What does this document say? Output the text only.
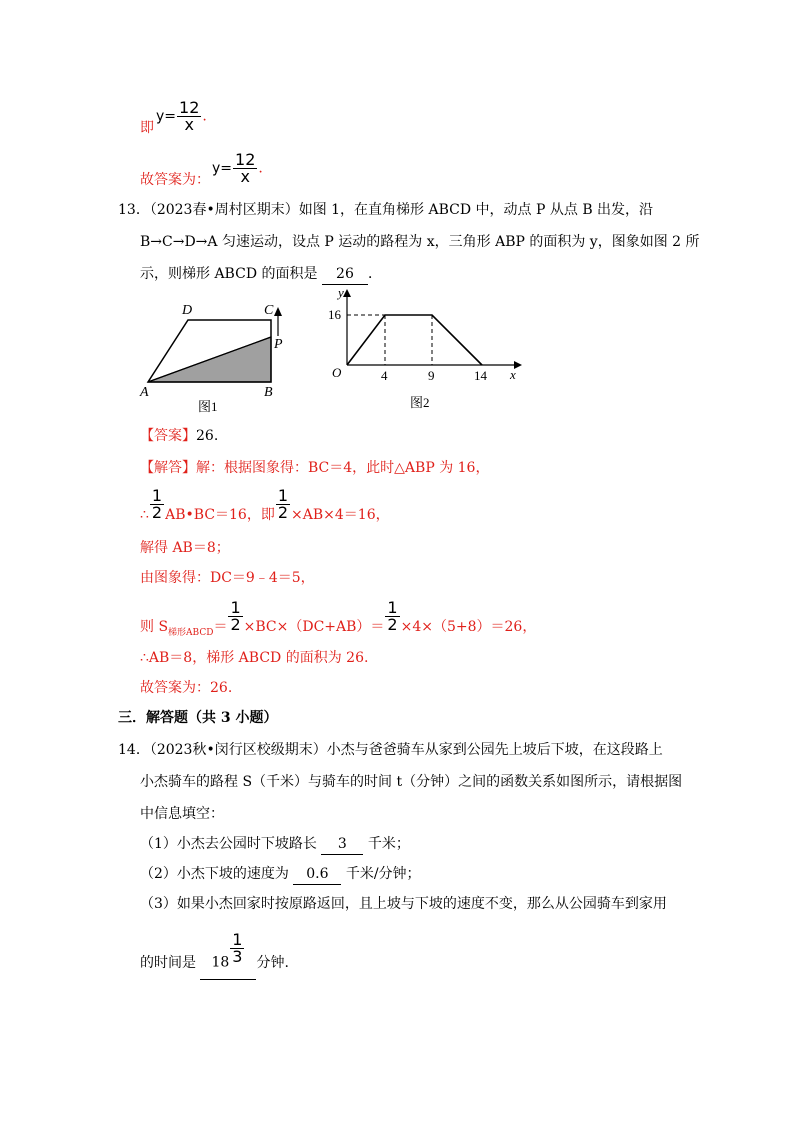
即
$y= \frac{12}{x}$ .
故答案为：
$y= \frac{12}{x}$ .
13．（2023春•周村区期末）如图 1，在直角梯形 ABCD 中，动点 P 从点 B 出发，沿
B→C→D→A 匀速运动，设点 P 运动的路程为 x，三角形 ABP 的面积为 y，图象如图 2 所
示，则梯形 ABCD 的面积是 26 ．
D	C
P
A	B
图1
y
x
O
16
4	9	14
图2
【答案】26.
【解答】解：根据图象得：BC＝4，此时△ABP 为 16，
∴ $\frac{1}{2}$ AB•BC＝16，即 $\frac{1}{2} \times AB\times 4=16$，
解得 AB＝8；
由图象得：DC＝9﹣4＝5，
则 $S_{梯形ABCD}= \frac{1}{2} \times BC\times(DC+AB)= \frac{1}{2} \times 4\times(5+8)=26$，
∴AB＝8，梯形 ABCD 的面积为 26.
故答案为：26.
三．解答题（共 3 小题）
14．（2023秋•闵行区校级期末）小杰与爸爸骑车从家到公园先上坡后下坡，在这段路上
小杰骑车的路程 S（千米）与骑车的时间 t（分钟）之间的函数关系如图所示，请根据图
中信息填空：
（1）小杰去公园时下坡路长 3 千米；
（2）小杰下坡的速度为 0.6 千米/分钟；
（3）如果小杰回家时按原路返回，且上坡与下坡的速度不变，那么从公园骑车到家用
的时间是 $18 \frac{1}{3}$ 分钟.
